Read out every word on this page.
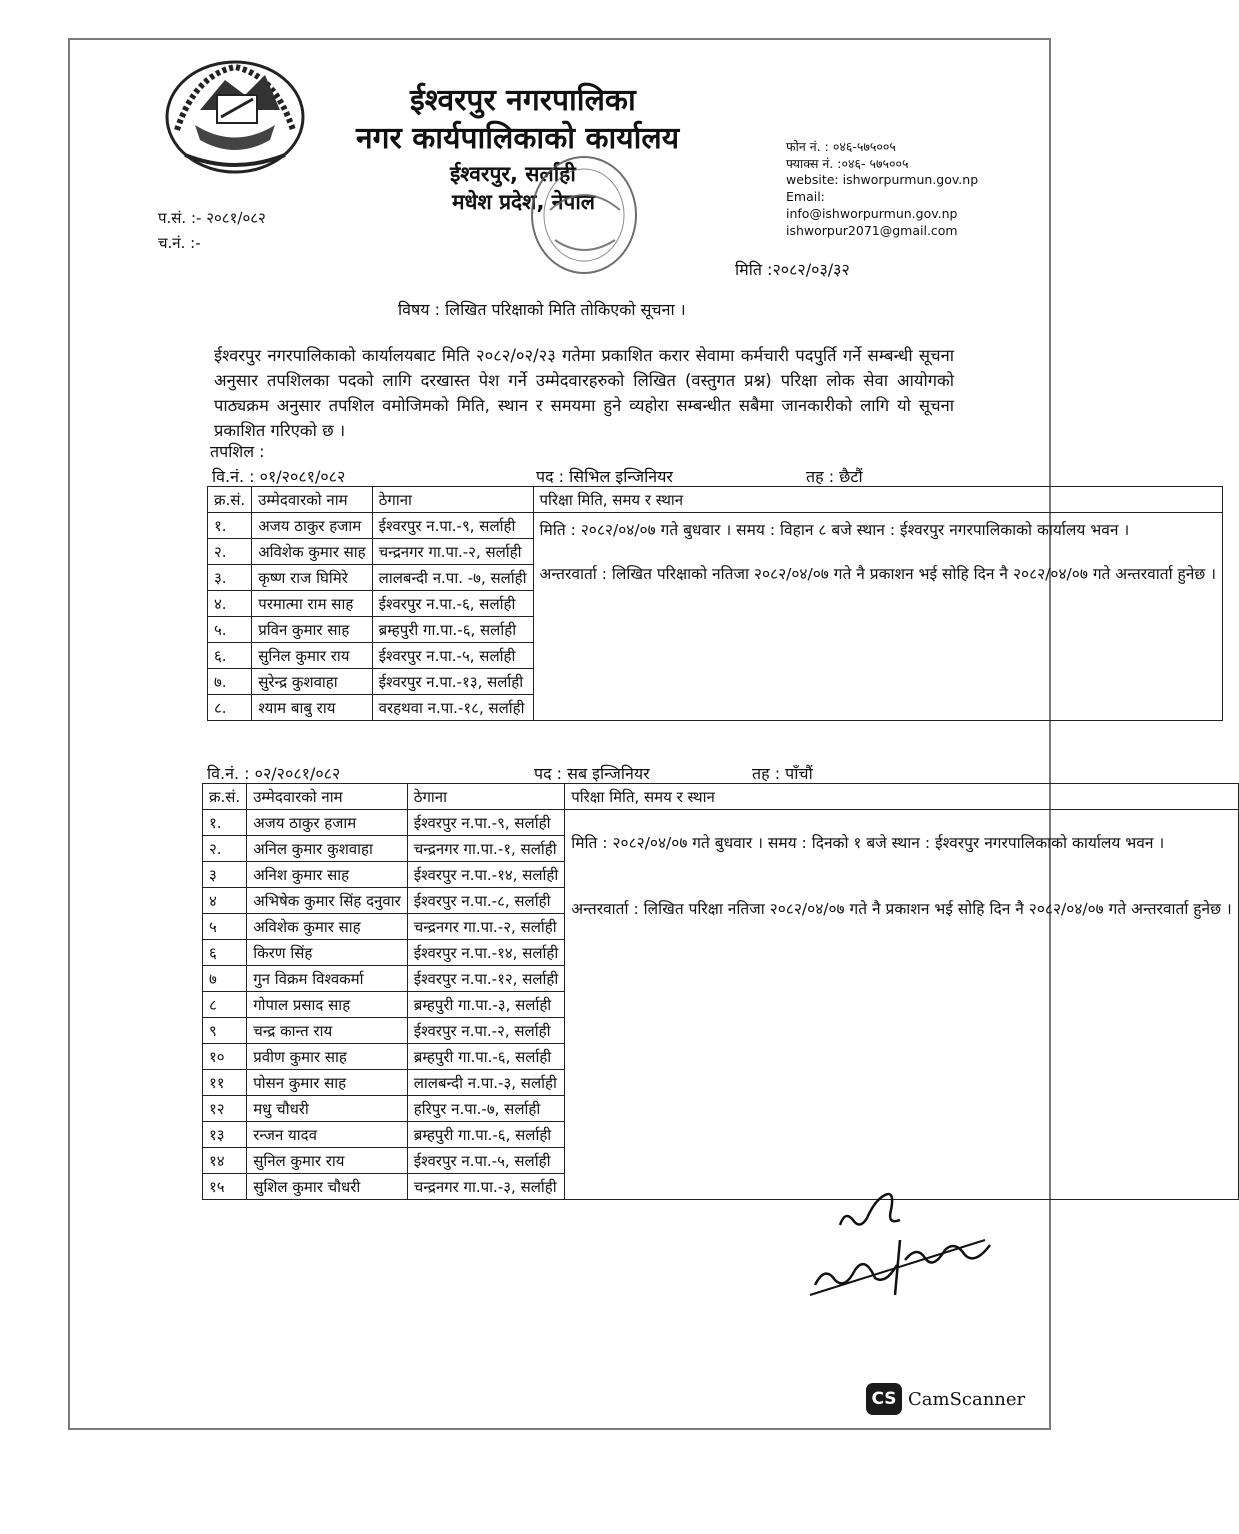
ईश्वरपुर नगरपालिका
नगर कार्यपालिकाको कार्यालय
ईश्वरपुर, सर्लाही
मधेश प्रदेश, नेपाल
फोन नं. : ०४६-५७५००५
फ्याक्स नं. :०४६- ५७५००५
website: ishworpurmun.gov.np
Email:
info@ishworpurmun.gov.np
ishworpur2071@gmail.com
प.सं. :- २०८१/०८२
च.नं. :-
मिति :२०८२/०३/३२
विषय : लिखित परिक्षाको मिति तोकिएको सूचना ।
ईश्वरपुर नगरपालिकाको कार्यालयबाट मिति २०८२/०२/२३ गतेमा प्रकाशित करार सेवामा कर्मचारी पदपुर्ति गर्ने सम्बन्धी सूचना अनुसार तपशिलका पदको लागि दरखास्त पेश गर्ने उम्मेदवारहरुको लिखित (वस्तुगत प्रश्न) परिक्षा लोक सेवा आयोगको पाठ्यक्रम अनुसार तपशिल वमोजिमको मिति, स्थान र समयमा हुने व्यहोरा सम्बन्धीत सबैमा जानकारीको लागि यो सूचना प्रकाशित गरिएको छ ।
तपशिल :
वि.नं. : ०१/२०८१/०८२	पद : सिभिल इन्जिनियर	तह : छैटौं
क्र.सं.	उम्मेदवारको नाम	ठेगाना	परिक्षा मिति, समय र स्थान
१.	अजय ठाकुर हजाम	ईश्वरपुर न.पा.-९, सर्लाही	मिति : २०८२/०४/०७ गते बुधवार । समय : विहान ८ बजे स्थान : ईश्वरपुर नगरपालिकाको कार्यालय भवन ।
अन्तरवार्ता : लिखित परिक्षाको नतिजा २०८२/०४/०७ गते नै प्रकाशन भई सोहि दिन नै २०८२/०४/०७ गते अन्तरवार्ता हुनेछ ।

२.	अविशेक कुमार साह	चन्द्रनगर गा.पा.-२, सर्लाही	
३.	कृष्ण राज घिमिरे	लालबन्दी न.पा. -७, सर्लाही	
४.	परमात्मा राम साह	ईश्वरपुर न.पा.-६, सर्लाही	
५.	प्रविन कुमार साह	ब्रम्हपुरी गा.पा.-६, सर्लाही	
६.	सुनिल कुमार राय	ईश्वरपुर न.पा.-५, सर्लाही	
७.	सुरेन्द्र कुशवाहा	ईश्वरपुर न.पा.-१३, सर्लाही	
८.	श्याम बाबु राय	वरहथवा न.पा.-१८, सर्लाही	
वि.नं. : ०२/२०८१/०८२	पद : सब इन्जिनियर	तह : पाँचौं
क्र.सं.	उम्मेदवारको नाम	ठेगाना	परिक्षा मिति, समय र स्थान
१.	अजय ठाकुर हजाम	ईश्वरपुर न.पा.-९, सर्लाही	मिति : २०८२/०४/०७ गते बुधवार । समय : दिनको १ बजे स्थान : ईश्वरपुर नगरपालिकाको कार्यालय भवन ।
अन्तरवार्ता : लिखित परिक्षा नतिजा २०८२/०४/०७ गते नै प्रकाशन भई सोहि दिन नै २०८२/०४/०७ गते अन्तरवार्ता हुनेछ ।

२.	अनिल कुमार कुशवाहा	चन्द्रनगर गा.पा.-१, सर्लाही	
३	अनिश कुमार साह	ईश्वरपुर न.पा.-१४, सर्लाही	
४	अभिषेक कुमार सिंह दनुवार	ईश्वरपुर न.पा.-८, सर्लाही	
५	अविशेक कुमार साह	चन्द्रनगर गा.पा.-२, सर्लाही	
६	किरण सिंह	ईश्वरपुर न.पा.-१४, सर्लाही	
७	गुन विक्रम विश्वकर्मा	ईश्वरपुर न.पा.-१२, सर्लाही	
८	गोपाल प्रसाद साह	ब्रम्हपुरी गा.पा.-३, सर्लाही	
९	चन्द्र कान्त राय	ईश्वरपुर न.पा.-२, सर्लाही	
१०	प्रवीण कुमार साह	ब्रम्हपुरी गा.पा.-६, सर्लाही	
११	पोसन कुमार साह	लालबन्दी न.पा.-३, सर्लाही	
१२	मधु चौधरी	हरिपुर न.पा.-७, सर्लाही	
१३	रन्जन यादव	ब्रम्हपुरी गा.पा.-६, सर्लाही	
१४	सुनिल कुमार राय	ईश्वरपुर न.पा.-५, सर्लाही	
१५	सुशिल कुमार चौधरी	चन्द्रनगर गा.पा.-३, सर्लाही	
CS CamScanner
